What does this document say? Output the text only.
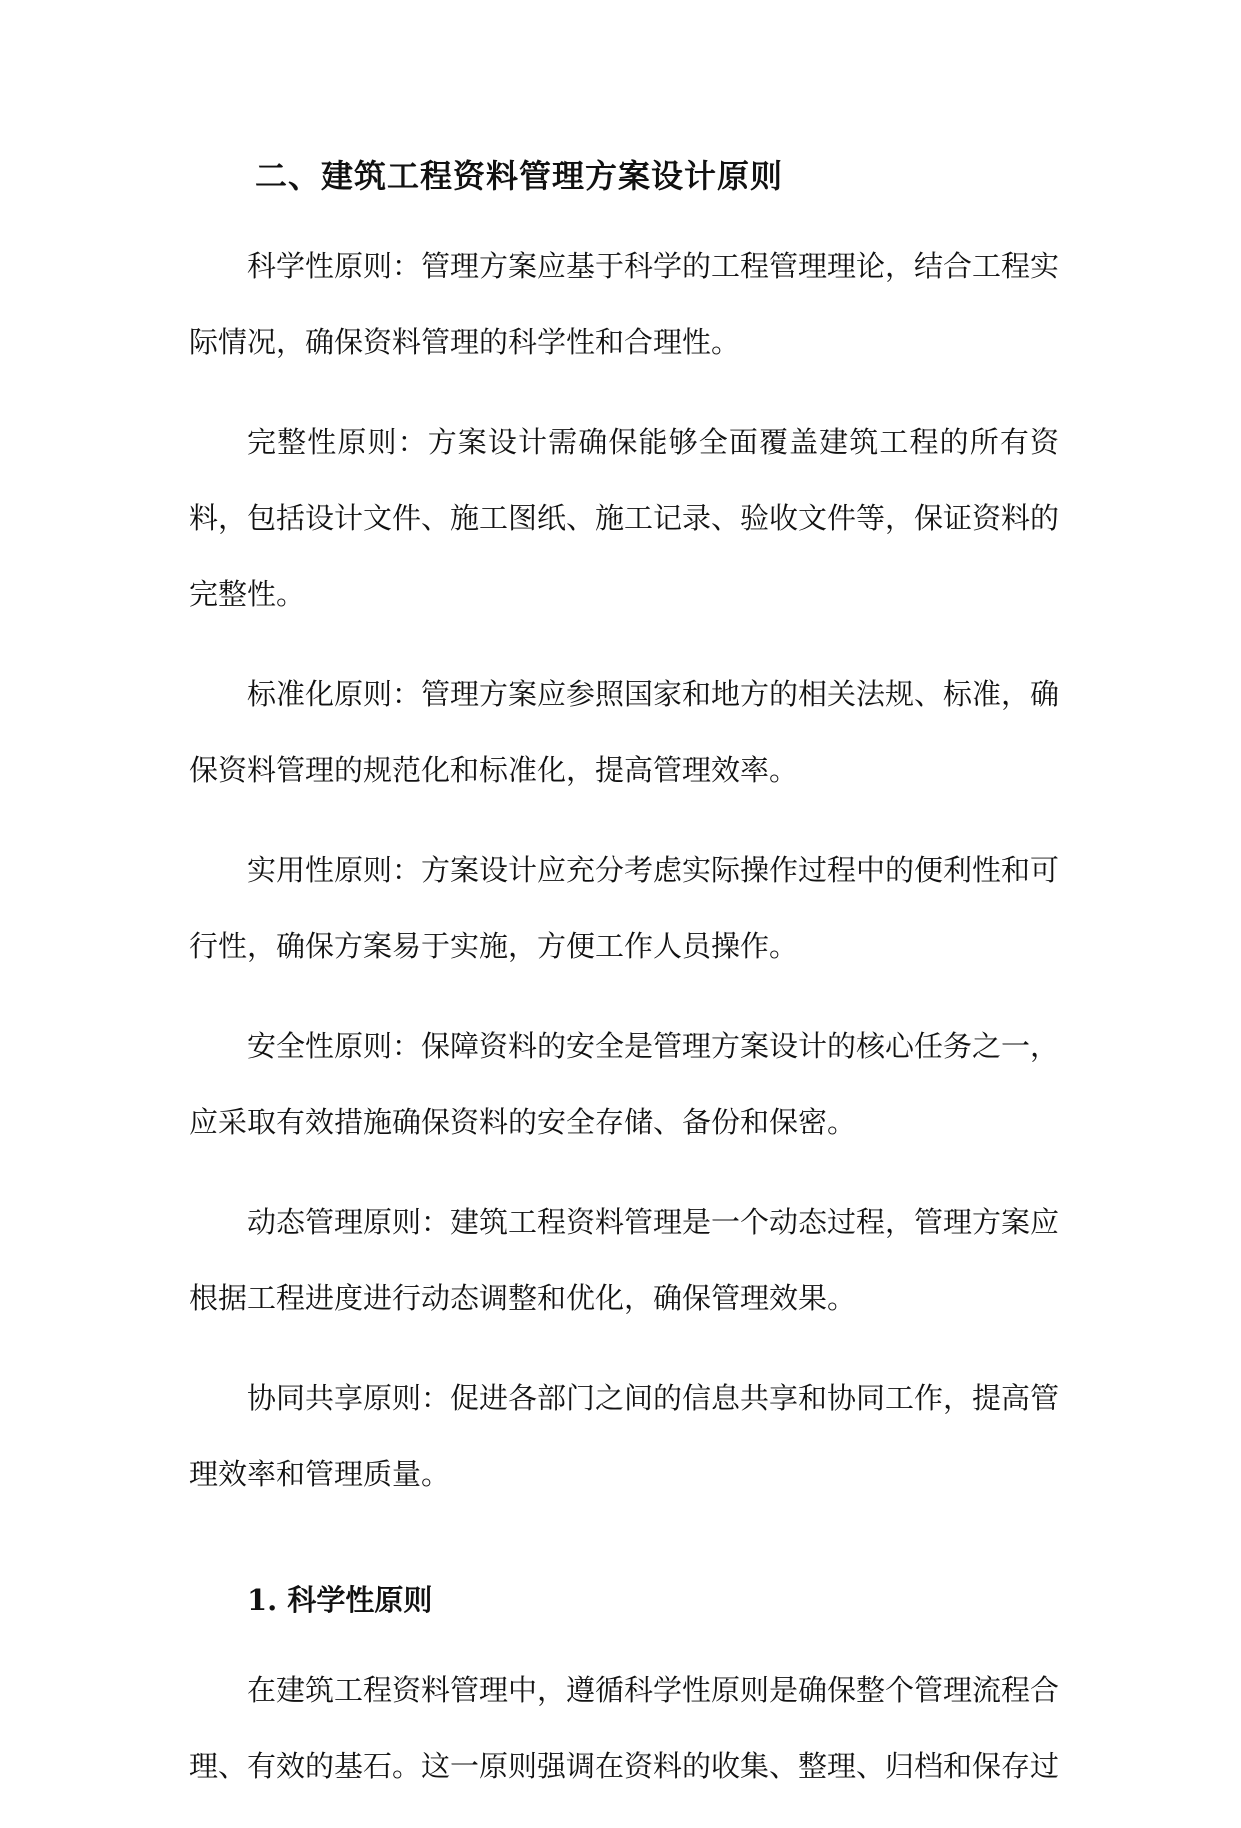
二、建筑工程资料管理方案设计原则

科学性原则：管理方案应基于科学的工程管理理论，结合工程实际情况，确保资料管理的科学性和合理性。

完整性原则：方案设计需确保能够全面覆盖建筑工程的所有资料，包括设计文件、施工图纸、施工记录、验收文件等，保证资料的完整性。

标准化原则：管理方案应参照国家和地方的相关法规、标准，确保资料管理的规范化和标准化，提高管理效率。

实用性原则：方案设计应充分考虑实际操作过程中的便利性和可行性，确保方案易于实施，方便工作人员操作。

安全性原则：保障资料的安全是管理方案设计的核心任务之一，应采取有效措施确保资料的安全存储、备份和保密。

动态管理原则：建筑工程资料管理是一个动态过程，管理方案应根据工程进度进行动态调整和优化，确保管理效果。

协同共享原则：促进各部门之间的信息共享和协同工作，提高管理效率和管理质量。

1. 科学性原则

在建筑工程资料管理中，遵循科学性原则是确保整个管理流程合理、有效的基石。这一原则强调在资料的收集、整理、归档和保存过
